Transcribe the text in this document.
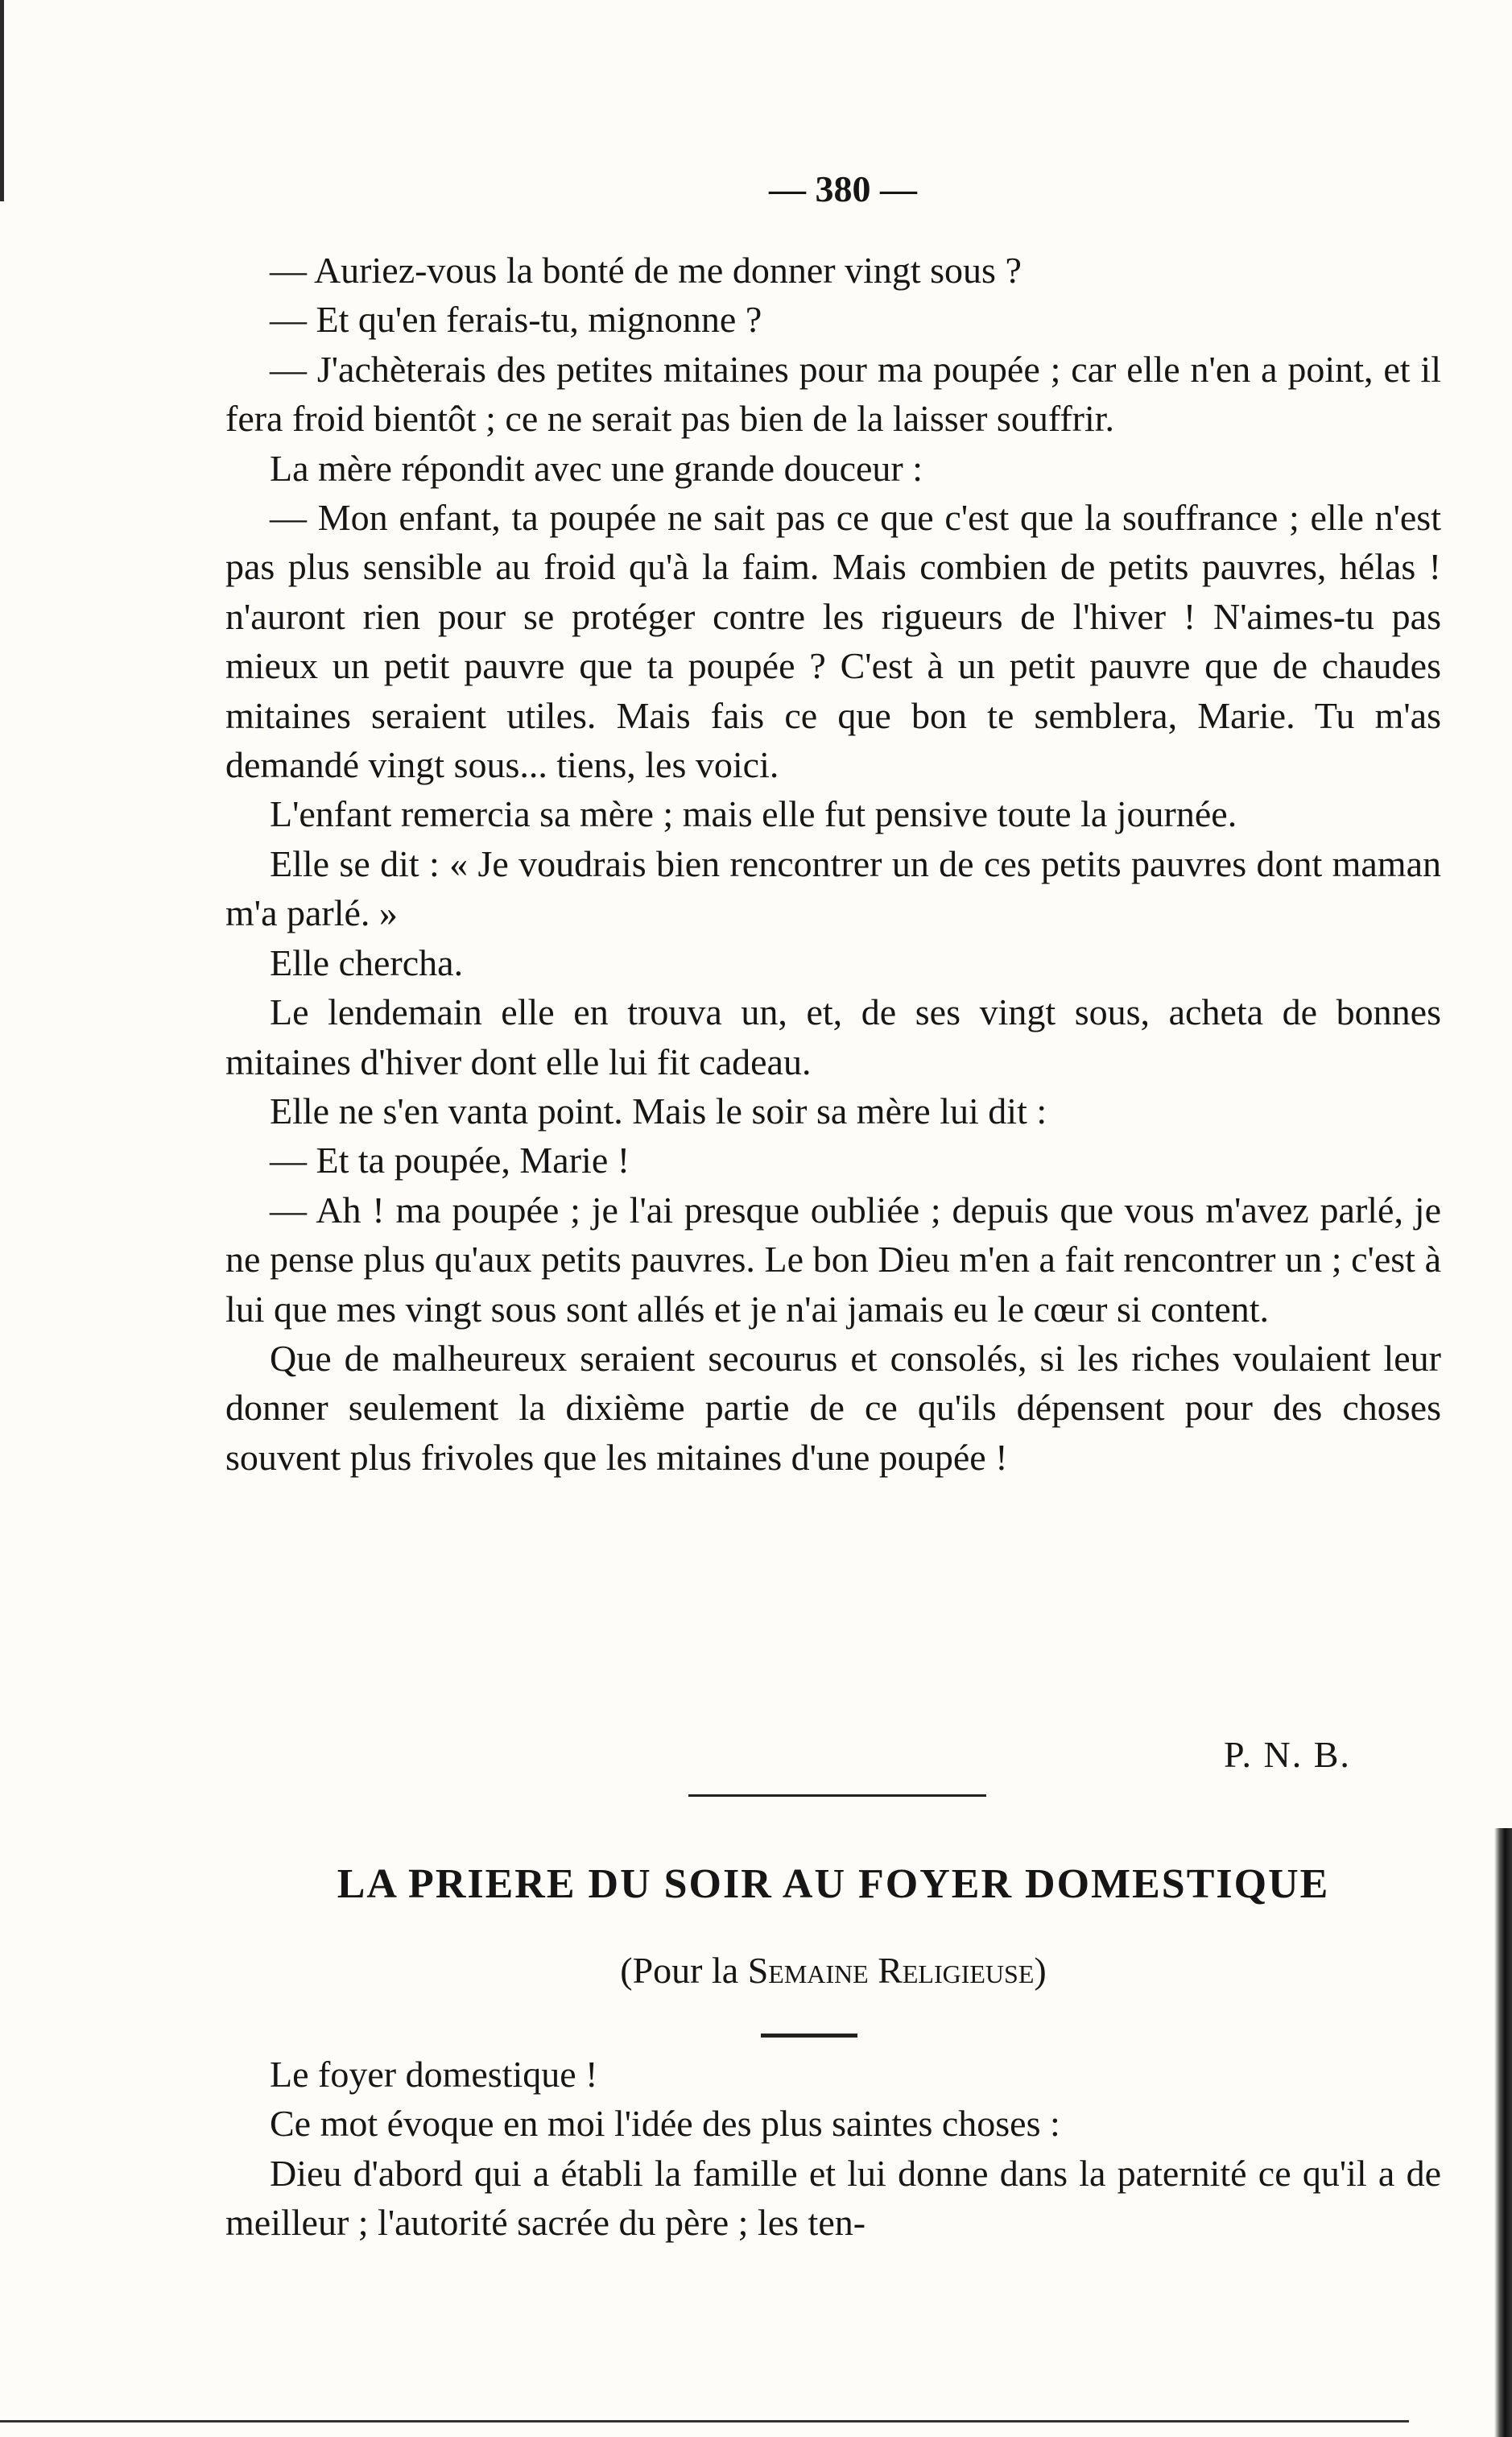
— 380 —

— Auriez-vous la bonté de me donner vingt sous ?

— Et qu'en ferais-tu, mignonne ?

— J'achèterais des petites mitaines pour ma poupée ; car elle n'en a point, et il fera froid bientôt ; ce ne serait pas bien de la laisser souffrir.

La mère répondit avec une grande douceur :

— Mon enfant, ta poupée ne sait pas ce que c'est que la souffrance ; elle n'est pas plus sensible au froid qu'à la faim. Mais combien de petits pauvres, hélas ! n'auront rien pour se protéger contre les rigueurs de l'hiver ! N'aimes-tu pas mieux un petit pauvre que ta poupée ? C'est à un petit pauvre que de chaudes mitaines seraient utiles. Mais fais ce que bon te semblera, Marie. Tu m'as demandé vingt sous... tiens, les voici.

L'enfant remercia sa mère ; mais elle fut pensive toute la journée.

Elle se dit : « Je voudrais bien rencontrer un de ces petits pauvres dont maman m'a parlé. »

Elle chercha.

Le lendemain elle en trouva un, et, de ses vingt sous, acheta de bonnes mitaines d'hiver dont elle lui fit cadeau.

Elle ne s'en vanta point. Mais le soir sa mère lui dit :

— Et ta poupée, Marie !

— Ah ! ma poupée ; je l'ai presque oubliée ; depuis que vous m'avez parlé, je ne pense plus qu'aux petits pauvres. Le bon Dieu m'en a fait rencontrer un ; c'est à lui que mes vingt sous sont allés et je n'ai jamais eu le cœur si content.

Que de malheureux seraient secourus et consolés, si les riches voulaient leur donner seulement la dixième partie de ce qu'ils dépensent pour des choses souvent plus frivoles que les mitaines d'une poupée !

P. N. B.
LA PRIERE DU SOIR AU FOYER DOMESTIQUE
(Pour la Semaine Religieuse)

Le foyer domestique !

Ce mot évoque en moi l'idée des plus saintes choses :

Dieu d'abord qui a établi la famille et lui donne dans la paternité ce qu'il a de meilleur ; l'autorité sacrée du père ; les ten-
